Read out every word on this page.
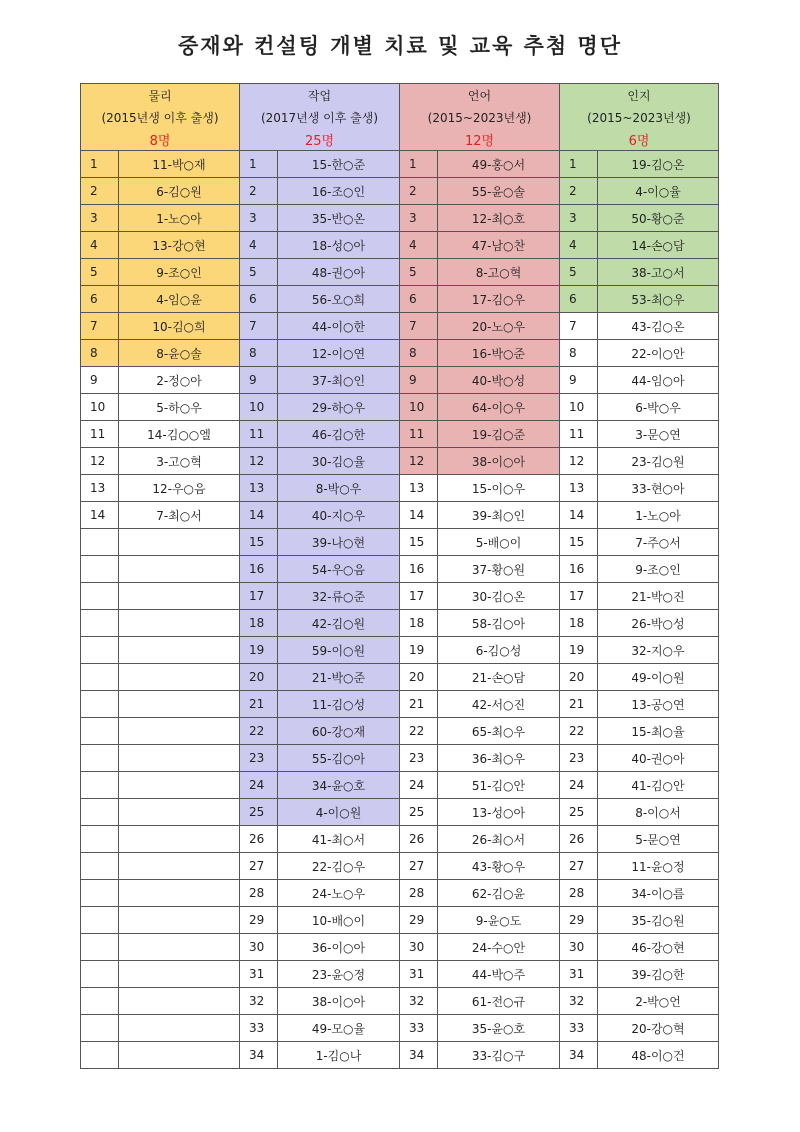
중재와 컨설팅 개별 치료 및 교육 추첨 명단
물리		작업		언어		인지	
(2015년생 이후 출생)		(2017년생 이후 출생)		(2015~2023년생)		(2015~2023년생)	
8명		25명		12명		6명	
1	11-박○재	1	15-한○준	1	49-홍○서	1	19-김○온
2	6-김○원	2	16-조○인	2	55-윤○솔	2	4-이○율
3	1-노○아	3	35-반○온	3	12-최○호	3	50-황○준
4	13-강○현	4	18-성○아	4	47-남○찬	4	14-손○담
5	9-조○인	5	48-권○아	5	8-고○혁	5	38-고○서
6	4-임○윤	6	56-오○희	6	17-김○우	6	53-최○우
7	10-김○희	7	44-이○한	7	20-노○우	7	43-김○온
8	8-윤○솔	8	12-이○연	8	16-박○준	8	22-이○안
9	2-정○아	9	37-최○인	9	40-박○성	9	44-임○아
10	5-하○우	10	29-하○우	10	64-이○우	10	6-박○우
11	14-김○○엘	11	46-김○한	11	19-김○준	11	3-문○연
12	3-고○혁	12	30-김○율	12	38-이○아	12	23-김○원
13	12-우○음	13	8-박○우	13	15-이○우	13	33-현○아
14	7-최○서	14	40-지○우	14	39-최○인	14	1-노○아
		15	39-나○현	15	5-배○이	15	7-주○서
		16	54-우○음	16	37-황○원	16	9-조○인
		17	32-류○준	17	30-김○온	17	21-박○진
		18	42-김○원	18	58-김○아	18	26-박○성
		19	59-이○원	19	6-김○성	19	32-지○우
		20	21-박○준	20	21-손○담	20	49-이○원
		21	11-김○성	21	42-서○진	21	13-공○연
		22	60-강○재	22	65-최○우	22	15-최○율
		23	55-김○아	23	36-최○우	23	40-권○아
		24	34-윤○호	24	51-김○안	24	41-김○안
		25	4-이○원	25	13-성○아	25	8-이○서
		26	41-최○서	26	26-최○서	26	5-문○연
		27	22-김○우	27	43-황○우	27	11-윤○정
		28	24-노○우	28	62-김○윤	28	34-이○름
		29	10-배○이	29	9-윤○도	29	35-김○원
		30	36-이○아	30	24-수○안	30	46-강○현
		31	23-윤○정	31	44-박○주	31	39-김○한
		32	38-이○아	32	61-전○규	32	2-박○언
		33	49-모○율	33	35-윤○호	33	20-강○혁
		34	1-김○나	34	33-김○구	34	48-이○건
